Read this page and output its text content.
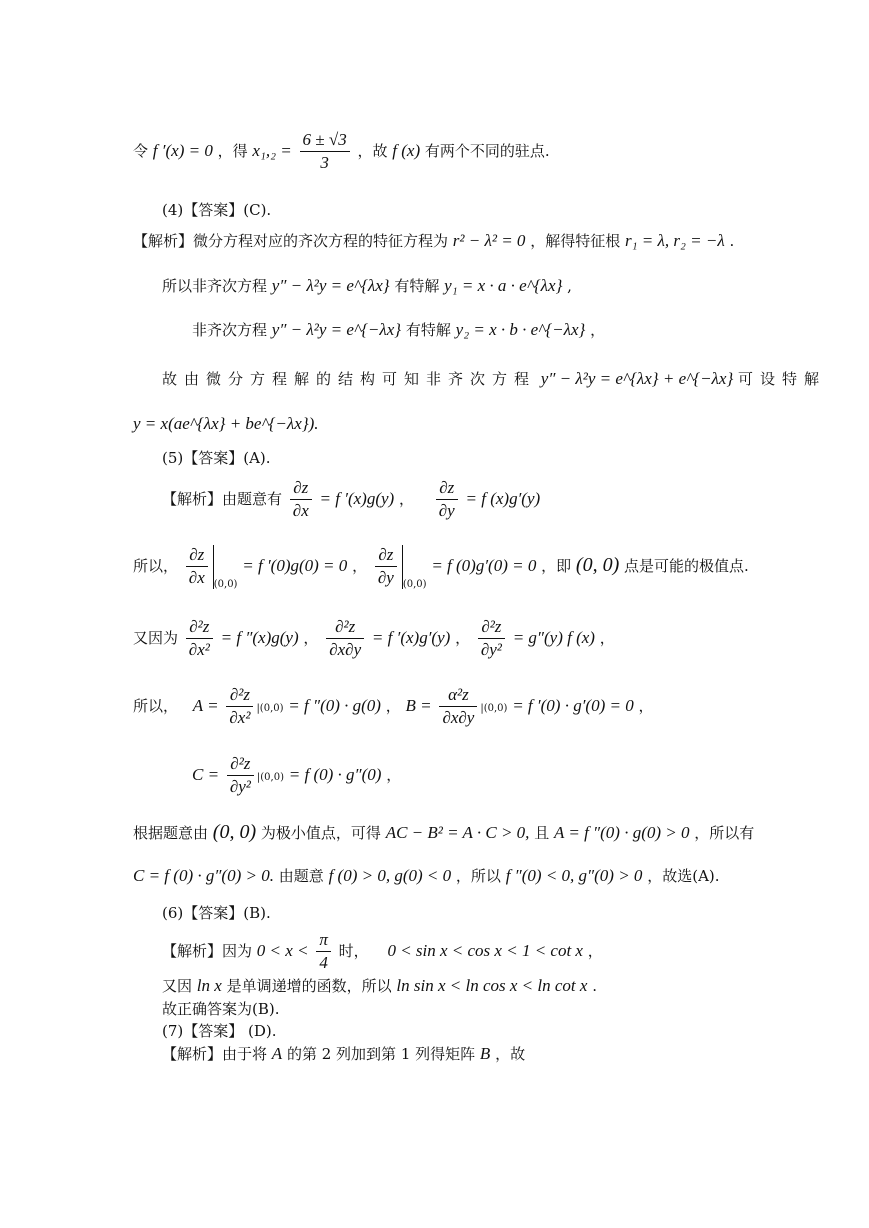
令 f ′(x) = 0 ，得 $x_1,_2 = \frac{6 \pm √3}{3}$ ，故 f (x) 有两个不同的驻点.
(4)【答案】(C).
【解析】微分方程对应的齐次方程的特征方程为 r² − λ² = 0 ，解得特征根 r₁ = λ, r₂ = −λ .
所以非齐次方程 y″ − λ²y = e^{λx} 有特解 y₁ = x · a · e^{λx} ,
非齐次方程 y″ − λ²y = e^{−λx} 有特解 y₂ = x · b · e^{−λx} ，
故由微分方程解的结构可知非齐次方程 y″ − λ²y = e^{λx} + e^{−λx} 可设特解
y = x(ae^{λx} + be^{−λx}).
(5)【答案】(A).
【解析】由题意有 $\frac{\partial z}{\partial x} = f$ ′(x)g(y) ， $\frac{\partial z}{\partial y} = f$ (x)g′(y)
所以， $\frac{\partial z}{\partial x} _{(0,0)} = f$ ′(0)g(0) = 0 ， $\frac{\partial z}{\partial y} _{(0,0)} = f$ (0)g′(0) = 0 ，即 (0, 0) 点是可能的极值点.
又因为 $\frac{\text{∂²z}}{\text{∂x²}} = f$ ″(x)g(y) ， $\frac{\text{∂²z}}{\partial x\partial y} = f$ ′(x)g′(y) ， $\frac{\text{∂²z}}{\text{∂y²}} = g''(y)$ f (x) ，
所以， $A = \frac{\text{∂²z}}{\text{∂x²}} |(0,0) = f$ ″(0) · g(0) ， $B = \frac{\text{α²z}}{\partial x\partial y} |(0,0) = f$ ′(0) · g′(0) = 0 ，
$C = \frac{\text{∂²z}}{\text{∂y²}} |(0,0) = f$ (0) · g″(0) ，
根据题意由 (0, 0) 为极小值点，可得 AC − B² = A · C > 0, 且 A = f ″(0) · g(0) > 0 ，所以有
C = f (0) · g″(0) > 0. 由题意 f (0) > 0, g(0) < 0 ，所以 f ″(0) < 0, g″(0) > 0 ，故选(A).
(6)【答案】(B).
【解析】因为 $0 < x < \frac{\pi}{4}$ 时， 0 < sin x < cos x < 1 < cot x ，
又因 ln x 是单调递增的函数，所以 ln sin x < ln cos x < ln cot x .
故正确答案为(B).
(7)【答案】 (D).
【解析】由于将 A 的第 2 列加到第 1 列得矩阵 B ，故
